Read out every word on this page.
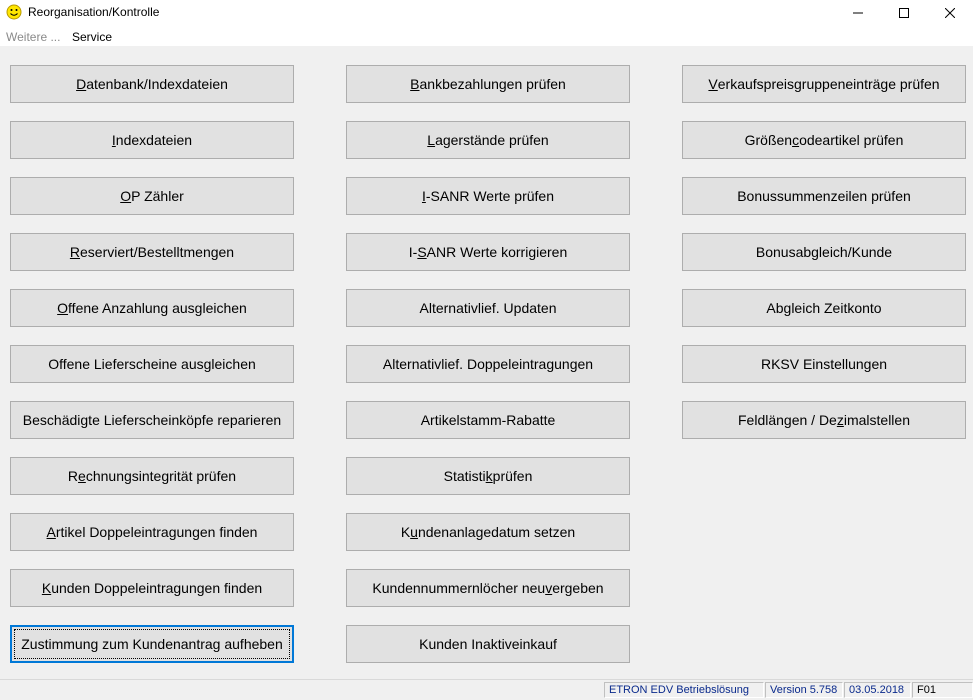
Reorganisation/Kontrolle
Weitere ... Service
D atenbank/Indexdateien
I ndexdateien
O P Zähler
R eserviert/Bestelltmengen
O ffene Anzahlung ausgleichen
Offene Lieferscheine ausgleichen
Beschädigte Lieferscheinköpfe reparieren
R e chnungsintegrität prüfen
A rtikel Doppeleintragungen finden
K unden Doppeleintragungen finden
Zustimmung zum Kundenantrag aufheben
B ankbezahlungen prüfen
L agerstände prüfen
I -SANR Werte prüfen
I- S ANR Werte korrigieren
Alternativlief. Updaten
Alternativlief. Doppeleintragungen
Artikelstamm-Rabatte
Statisti k prüfen
K u ndenanlagedatum setzen
Kundennummernlöcher neu v ergeben
Kunden Inaktiveinkauf
V erkaufspreisgruppeneinträge prüfen
Größen c odeartikel prüfen
Bonussummenzeilen prüfen
Bonusabgleich/Kunde
Abgleich Zeitkonto
RKSV Einstellungen
Feldlängen / De z imalstellen
ETRON EDV Betriebslösung	Version 5.758	03.05.2018	F01
